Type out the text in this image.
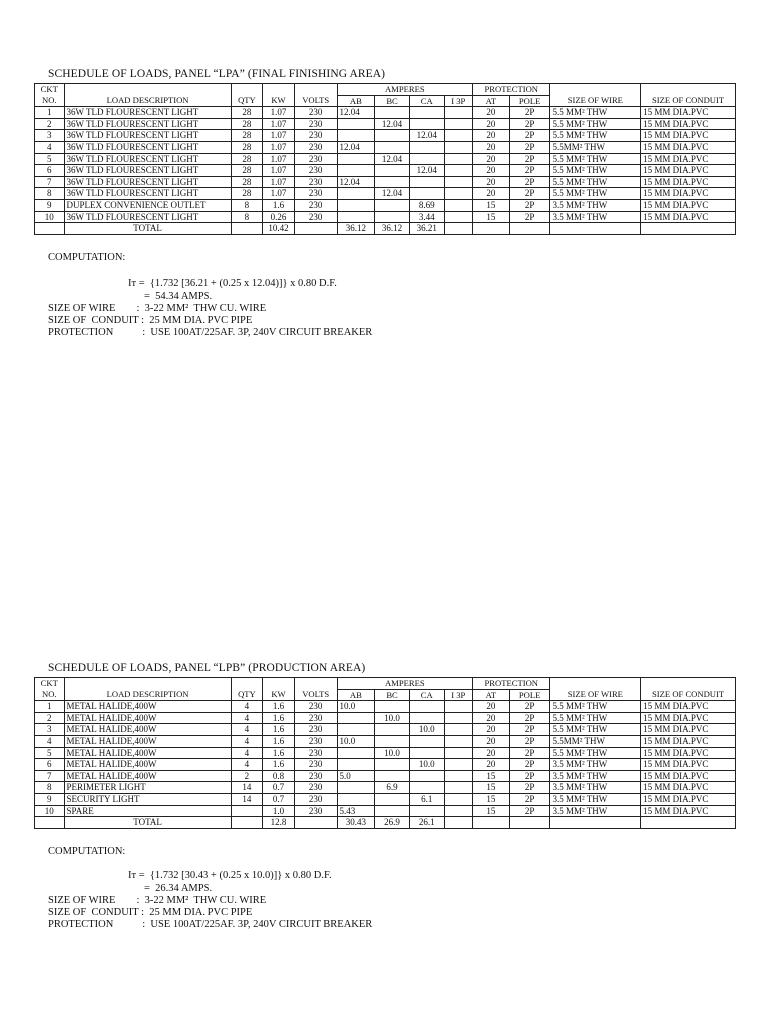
SCHEDULE OF LOADS, PANEL “LPA” (FINAL FINISHING AREA)
CKT					AMPERES				PROTECTION			
NO.	LOAD DESCRIPTION	QTY	KW	VOLTS	AB	BC	CA	I 3P	AT	POLE	SIZE OF WIRE	SIZE OF CONDUIT
1	36W TLD FLOURESCENT LIGHT	28	1.07	230	12.04				20	2P	5.5 MM² THW	15 MM DIA.PVC
2	36W TLD FLOURESCENT LIGHT	28	1.07	230		12.04			20	2P	5.5 MM² THW	15 MM DIA.PVC
3	36W TLD FLOURESCENT LIGHT	28	1.07	230			12.04		20	2P	5.5 MM² THW	15 MM DIA.PVC
4	36W TLD FLOURESCENT LIGHT	28	1.07	230	12.04				20	2P	5.5MM² THW	15 MM DIA.PVC
5	36W TLD FLOURESCENT LIGHT	28	1.07	230		12.04			20	2P	5.5 MM² THW	15 MM DIA.PVC
6	36W TLD FLOURESCENT LIGHT	28	1.07	230			12.04		20	2P	5.5 MM² THW	15 MM DIA.PVC
7	36W TLD FLOURESCENT LIGHT	28	1.07	230	12.04				20	2P	5.5 MM² THW	15 MM DIA.PVC
8	36W TLD FLOURESCENT LIGHT	28	1.07	230		12.04			20	2P	5.5 MM² THW	15 MM DIA.PVC
9	DUPLEX CONVENIENCE OUTLET	8	1.6	230			8.69		15	2P	3.5 MM² THW	15 MM DIA.PVC
10	36W TLD FLOURESCENT LIGHT	8	0.26	230			3.44		15	2P	3.5 MM² THW	15 MM DIA.PVC
	TOTAL		10.42		36.12	36.12	36.21					
COMPUTATION:
Iᴛ =  {1.732 [36.21 + (0.25 x 12.04)]} x 0.80 D.F.
=  54.34 AMPS.
SIZE OF WIRE        :  3-22 MM²  THW CU. WIRE
SIZE OF  CONDUIT :  25 MM DIA. PVC PIPE
PROTECTION           :  USE 100AT/225AF. 3P, 240V CIRCUIT BREAKER
SCHEDULE OF LOADS, PANEL “LPB” (PRODUCTION AREA)
CKT					AMPERES				PROTECTION			
NO.	LOAD DESCRIPTION	QTY	KW	VOLTS	AB	BC	CA	I 3P	AT	POLE	SIZE OF WIRE	SIZE OF CONDUIT
1	METAL HALIDE,400W	4	1.6	230	10.0				20	2P	5.5 MM² THW	15 MM DIA.PVC
2	METAL HALIDE,400W	4	1.6	230		10.0			20	2P	5.5 MM² THW	15 MM DIA.PVC
3	METAL HALIDE,400W	4	1.6	230			10.0		20	2P	5.5 MM² THW	15 MM DIA.PVC
4	METAL HALIDE,400W	4	1.6	230	10.0				20	2P	5.5MM² THW	15 MM DIA.PVC
5	METAL HALIDE,400W	4	1.6	230		10.0			20	2P	5.5 MM² THW	15 MM DIA.PVC
6	METAL HALIDE,400W	4	1.6	230			10.0		20	2P	3.5 MM² THW	15 MM DIA.PVC
7	METAL HALIDE,400W	2	0.8	230	5.0				15	2P	3.5 MM² THW	15 MM DIA.PVC
8	PERIMETER LIGHT	14	0.7	230		6.9			15	2P	3.5 MM² THW	15 MM DIA.PVC
9	SECURITY LIGHT	14	0.7	230			6.1		15	2P	3.5 MM² THW	15 MM DIA.PVC
10	SPARE		1.0	230	5.43				15	2P	3.5 MM² THW	15 MM DIA.PVC
	TOTAL		12.8		30.43	26.9	26.1					
COMPUTATION:
Iᴛ =  {1.732 [30.43 + (0.25 x 10.0)]} x 0.80 D.F.
=  26.34 AMPS.
SIZE OF WIRE        :  3-22 MM²  THW CU. WIRE
SIZE OF  CONDUIT :  25 MM DIA. PVC PIPE
PROTECTION           :  USE 100AT/225AF. 3P, 240V CIRCUIT BREAKER
